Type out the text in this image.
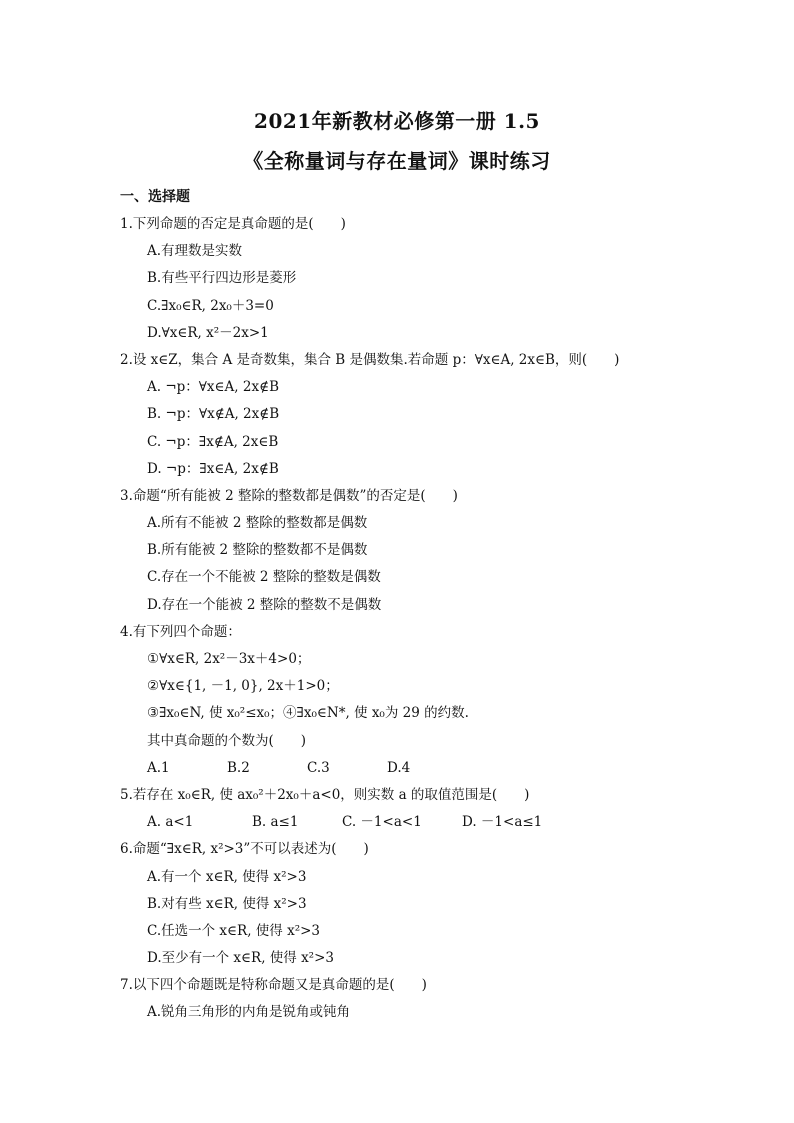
2021年新教材必修第一册 1.5
《全称量词与存在量词》课时练习
一、选择题
1.下列命题的否定是真命题的是(　　)
A.有理数是实数
B.有些平行四边形是菱形
C.∃x₀∈R, 2x₀＋3=0
D.∀x∈R, x²－2x>1
2.设 x∈Z，集合 A 是奇数集，集合 B 是偶数集.若命题 p：∀x∈A, 2x∈B，则(　　)
A. ¬p：∀x∈A, 2x∉B
B. ¬p：∀x∉A, 2x∉B
C. ¬p：∃x∉A, 2x∈B
D. ¬p：∃x∈A, 2x∉B
3.命题“所有能被 2 整除的整数都是偶数”的否定是(　　)
A.所有不能被 2 整除的整数都是偶数
B.所有能被 2 整除的整数都不是偶数
C.存在一个不能被 2 整除的整数是偶数
D.存在一个能被 2 整除的整数不是偶数
4.有下列四个命题：
①∀x∈R, 2x²－3x＋4>0；
②∀x∈{1, －1, 0}, 2x＋1>0；
③∃x₀∈N, 使 x₀²≤x₀；④∃x₀∈N*, 使 x₀为 29 的约数.
其中真命题的个数为(　　)
A.1	B.2	C.3	D.4
5.若存在 x₀∈R, 使 ax₀²＋2x₀＋a<0，则实数 a 的取值范围是(　　)
A. a<1	B. a≤1	C. －1<a<1	D. －1<a≤1
6.命题“∃x∈R, x²>3”不可以表述为(　　)
A.有一个 x∈R, 使得 x²>3
B.对有些 x∈R, 使得 x²>3
C.任选一个 x∈R, 使得 x²>3
D.至少有一个 x∈R, 使得 x²>3
7.以下四个命题既是特称命题又是真命题的是(　　)
A.锐角三角形的内角是锐角或钝角
